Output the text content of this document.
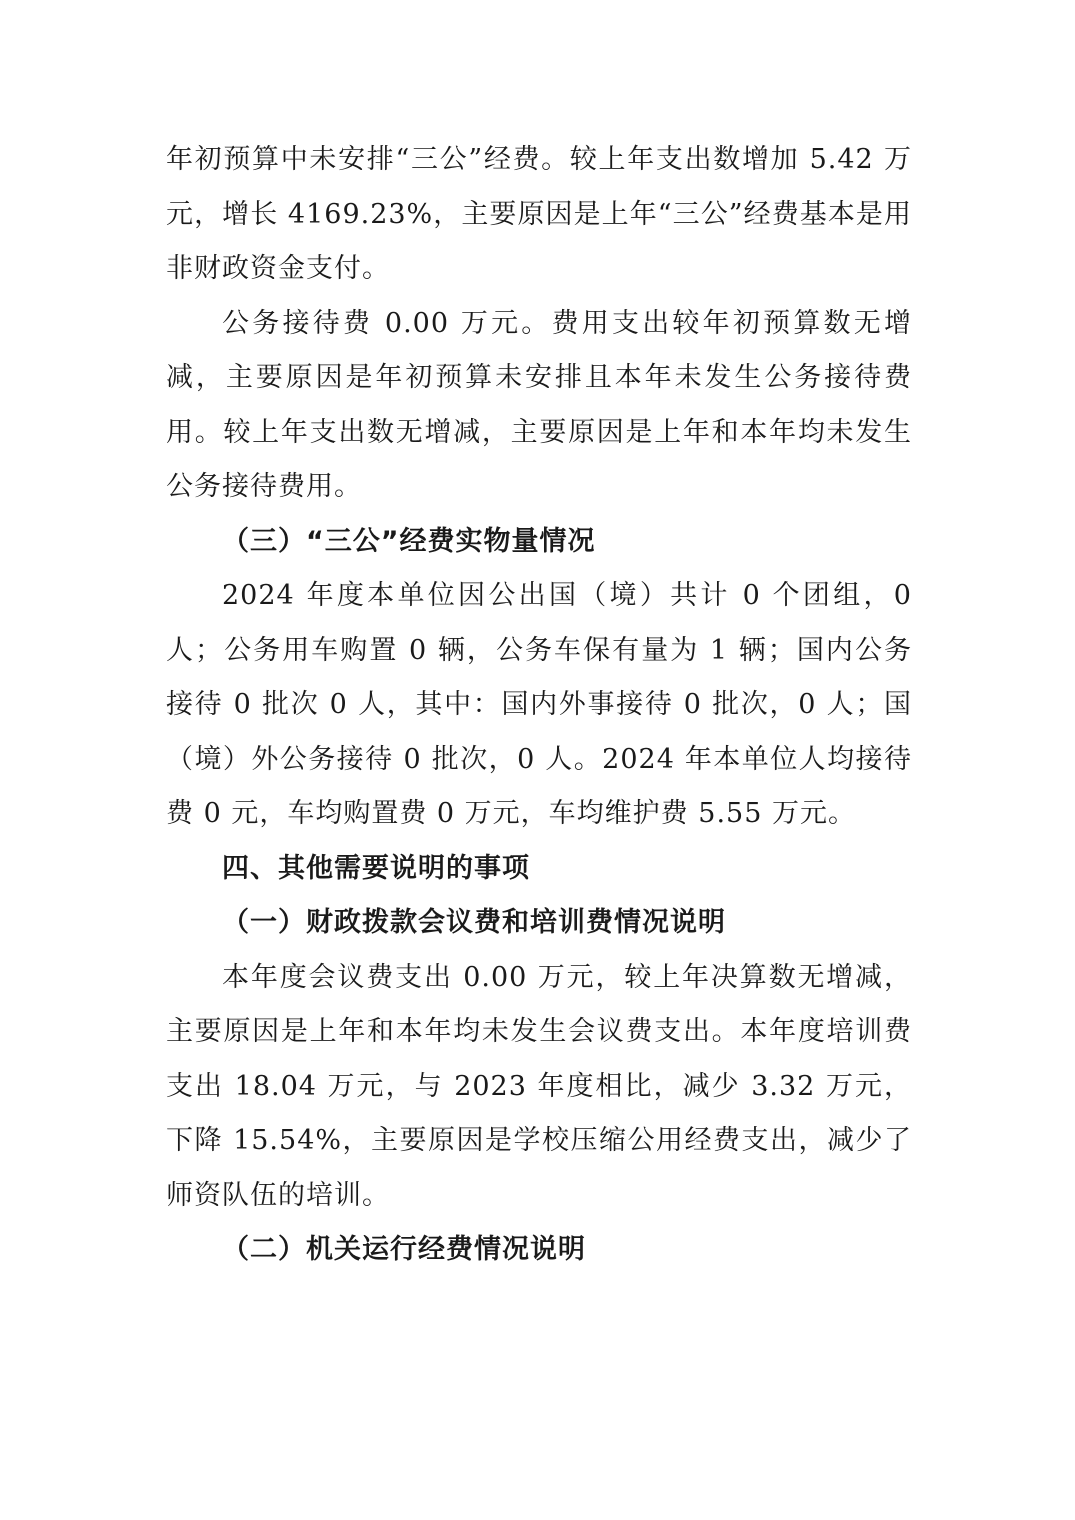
年初预算中未安排“三公”经费。较上年支出数增加 5.42 万元，增长 4169.23%，主要原因是上年“三公”经费基本是用非财政资金支付。

公务接待费 0.00 万元。费用支出较年初预算数无增减，主要原因是年初预算未安排且本年未发生公务接待费用。较上年支出数无增减，主要原因是上年和本年均未发生公务接待费用。

（三）“三公”经费实物量情况

2024 年度本单位因公出国（境）共计 0 个团组，0 人；公务用车购置 0 辆，公务车保有量为 1 辆；国内公务接待 0 批次 0 人，其中：国内外事接待 0 批次，0 人；国（境）外公务接待 0 批次，0 人。2024 年本单位人均接待费 0 元，车均购置费 0 万元，车均维护费 5.55 万元。

四、其他需要说明的事项

（一）财政拨款会议费和培训费情况说明

本年度会议费支出 0.00 万元，较上年决算数无增减，主要原因是上年和本年均未发生会议费支出。本年度培训费支出 18.04 万元，与 2023 年度相比，减少 3.32 万元，下降 15.54%，主要原因是学校压缩公用经费支出，减少了师资队伍的培训。

（二）机关运行经费情况说明
